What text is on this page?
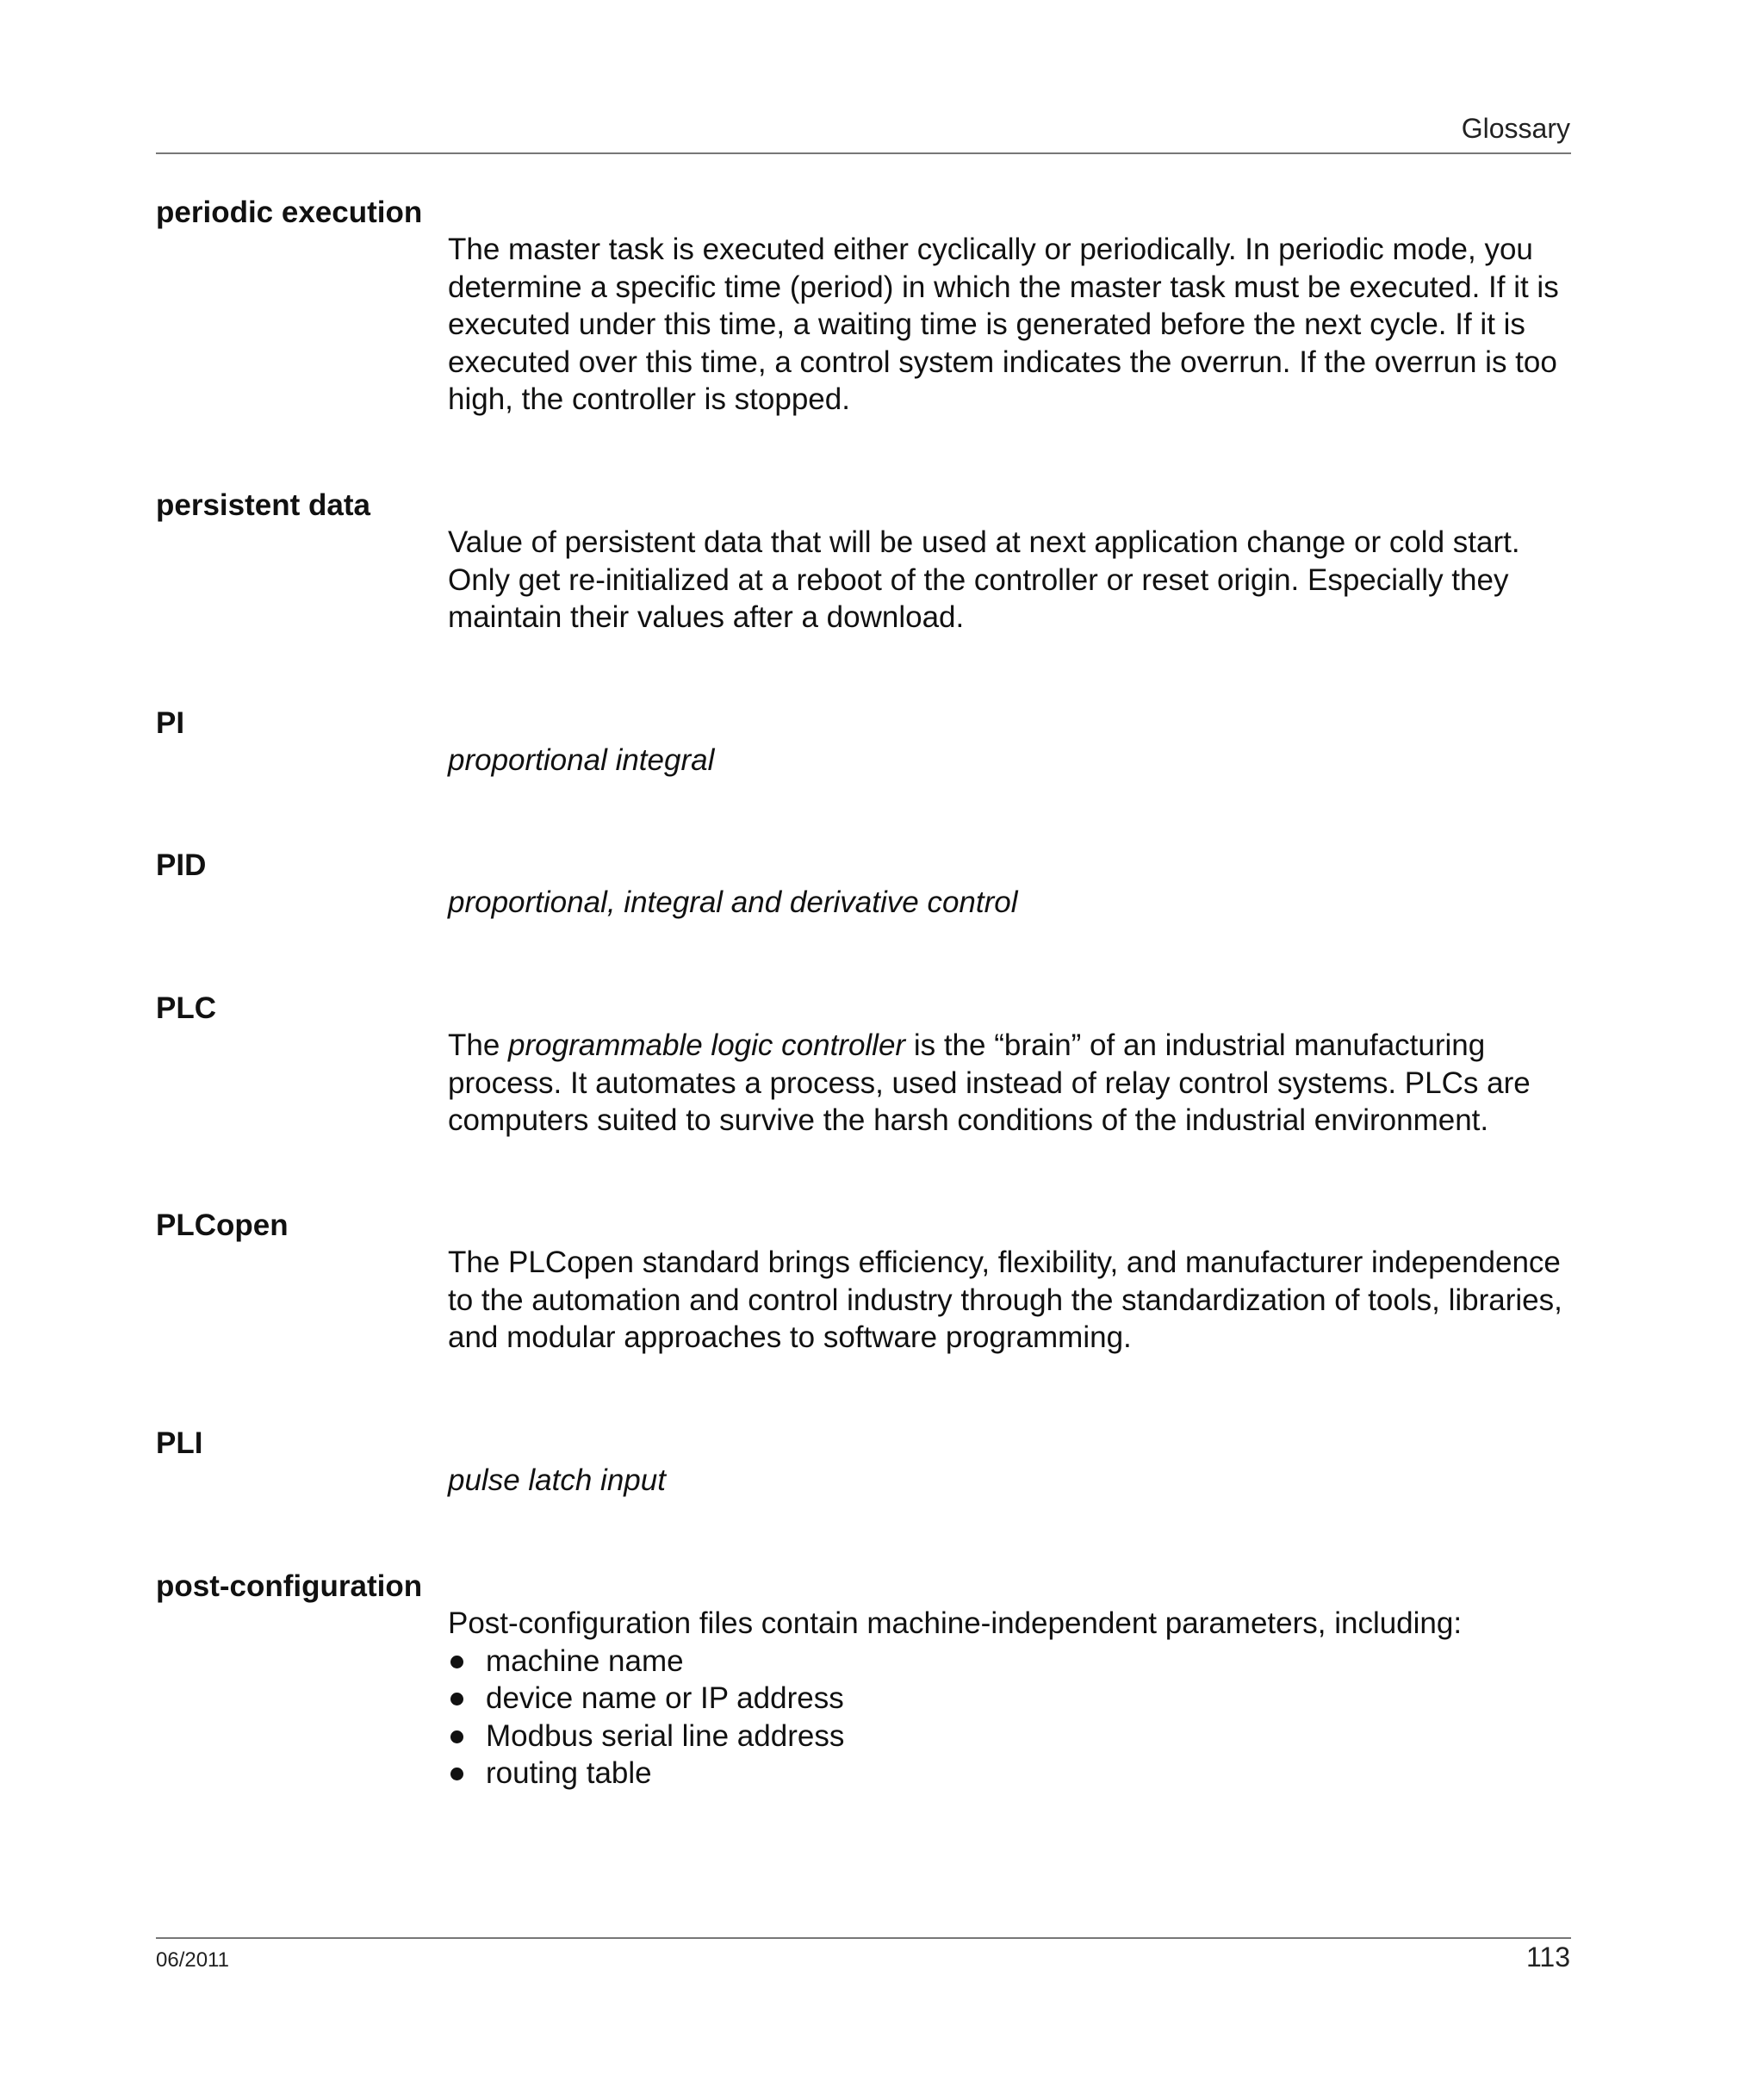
Glossary
periodic execution

The master task is executed either cyclically or periodically. In periodic mode, you determine a specific time (period) in which the master task must be executed. If it is executed under this time, a waiting time is generated before the next cycle. If it is executed over this time, a control system indicates the overrun. If the overrun is too high, the controller is stopped.

persistent data

Value of persistent data that will be used at next application change or cold start. Only get re-initialized at a reboot of the controller or reset origin. Especially they maintain their values after a download.

PI

proportional integral

PID

proportional, integral and derivative control

PLC

The programmable logic controller is the “brain” of an industrial manufacturing process. It automates a process, used instead of relay control systems. PLCs are computers suited to survive the harsh conditions of the industrial environment.

PLCopen

The PLCopen standard brings efficiency, flexibility, and manufacturer independence to the automation and control industry through the standardization of tools, libraries, and modular approaches to software programming.

PLI

pulse latch input

post-configuration

Post-configuration files contain machine-independent parameters, including:

machine name
device name or IP address
Modbus serial line address
routing table
06/2011	113
